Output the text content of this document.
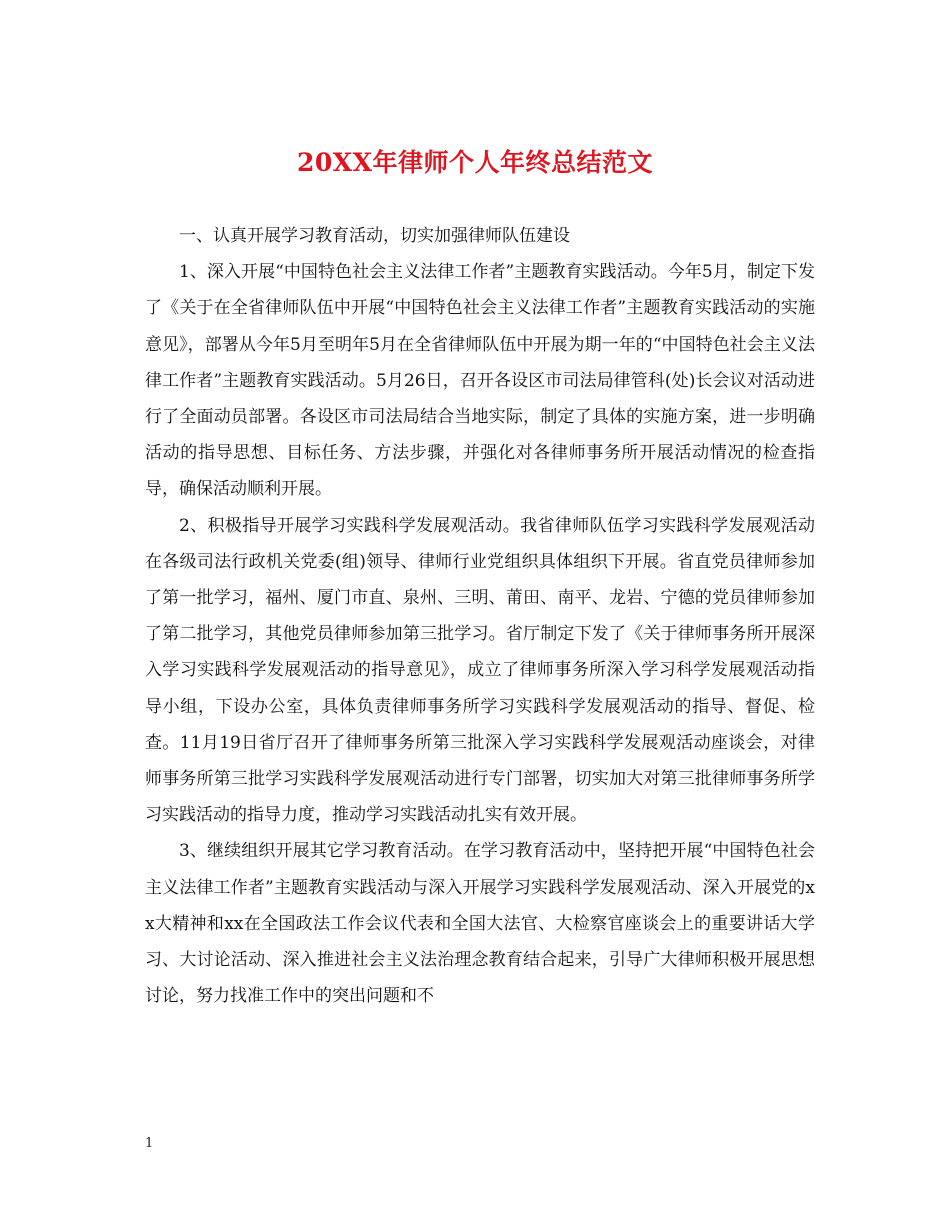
20XX年律师个人年终总结范文

一、认真开展学习教育活动，切实加强律师队伍建设

1、深入开展“中国特色社会主义法律工作者”主题教育实践活动。今年5月，制定下发了《关于在全省律师队伍中开展“中国特色社会主义法律工作者”主题教育实践活动的实施意见》，部署从今年5月至明年5月在全省律师队伍中开展为期一年的“中国特色社会主义法律工作者”主题教育实践活动。5月26日，召开各设区市司法局律管科(处)长会议对活动进行了全面动员部署。各设区市司法局结合当地实际，制定了具体的实施方案，进一步明确活动的指导思想、目标任务、方法步骤，并强化对各律师事务所开展活动情况的检查指导，确保活动顺利开展。

2、积极指导开展学习实践科学发展观活动。我省律师队伍学习实践科学发展观活动在各级司法行政机关党委(组)领导、律师行业党组织具体组织下开展。省直党员律师参加了第一批学习，福州、厦门市直、泉州、三明、莆田、南平、龙岩、宁德的党员律师参加了第二批学习，其他党员律师参加第三批学习。省厅制定下发了《关于律师事务所开展深入学习实践科学发展观活动的指导意见》，成立了律师事务所深入学习科学发展观活动指导小组，下设办公室，具体负责律师事务所学习实践科学发展观活动的指导、督促、检查。11月19日省厅召开了律师事务所第三批深入学习实践科学发展观活动座谈会，对律师事务所第三批学习实践科学发展观活动进行专门部署，切实加大对第三批律师事务所学习实践活动的指导力度，推动学习实践活动扎实有效开展。

3、继续组织开展其它学习教育活动。在学习教育活动中，坚持把开展“中国特色社会主义法律工作者”主题教育实践活动与深入开展学习实践科学发展观活动、深入开展党的xx大精神和xx在全国政法工作会议代表和全国大法官、大检察官座谈会上的重要讲话大学习、大讨论活动、深入推进社会主义法治理念教育结合起来，引导广大律师积极开展思想讨论，努力找准工作中的突出问题和不

1
